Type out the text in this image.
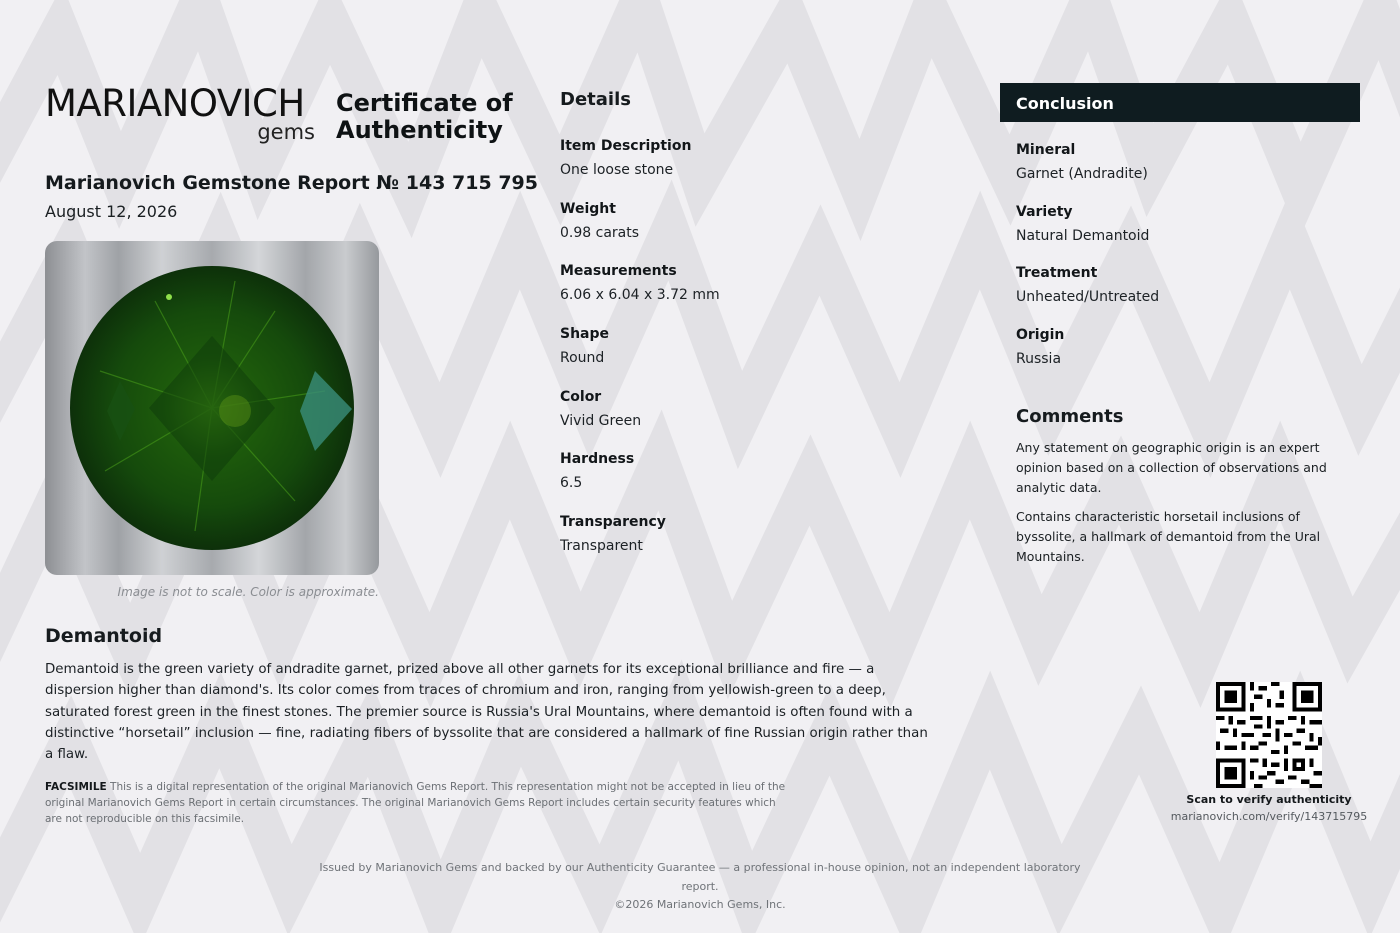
MARIANOVICH
gems
Certificate of
Authenticity
Marianovich Gemstone Report № 143 715 795
August 12, 2026
Image is not to scale. Color is approximate.
Details

Item Description

One loose stone

Weight

0.98 carats

Measurements

6.06 x 6.04 x 3.72 mm

Shape

Round

Color

Vivid Green

Hardness

6.5

Transparency

Transparent

Conclusion

Mineral

Garnet (Andradite)

Variety

Natural Demantoid

Treatment

Unheated/Untreated

Origin

Russia

Comments

Any statement on geographic origin is an expert opinion based on a collection of observations and analytic data.

Contains characteristic horsetail inclusions of byssolite, a hallmark of demantoid from the Ural Mountains.

Demantoid
Demantoid is the green variety of andradite garnet, prized above all other garnets for its exceptional brilliance and fire — a dispersion higher than diamond's. Its color comes from traces of chromium and iron, ranging from yellowish-green to a deep, saturated forest green in the finest stones. The premier source is Russia's Ural Mountains, where demantoid is often found with a distinctive “horsetail” inclusion — fine, radiating fibers of byssolite that are considered a hallmark of fine Russian origin rather than a flaw.
FACSIMILE This is a digital representation of the original Marianovich Gems Report. This representation might not be accepted in lieu of the original Marianovich Gems Report in certain circumstances. The original Marianovich Gems Report includes certain security features which are not reproducible on this facsimile.
Scan to verify authenticity
marianovich.com/verify/143715795
Issued by Marianovich Gems and backed by our Authenticity Guarantee — a professional in-house opinion, not an independent laboratory report.
©2026 Marianovich Gems, Inc.
